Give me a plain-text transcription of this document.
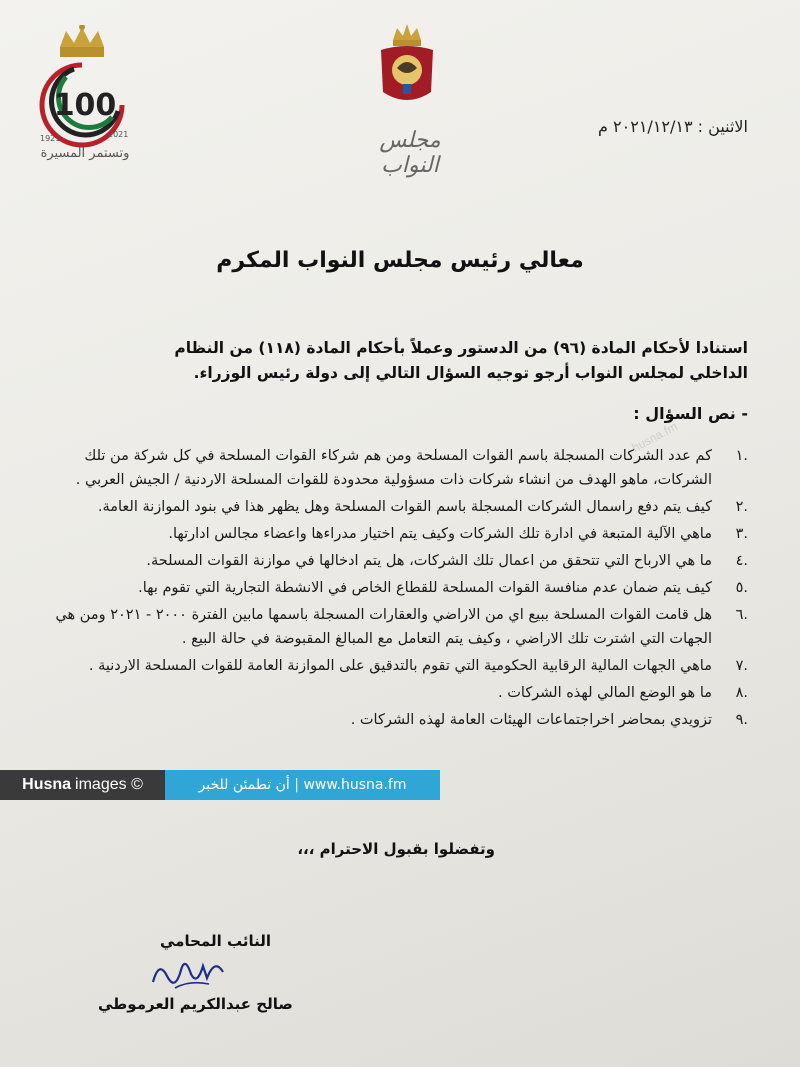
100
1921	2021
وتستمر المسيرة
مجلس النواب
الاثنين : ٢٠٢١/١٢/١٣ م
معالي رئيس مجلس النواب المكرم
استنادا لأحكام المادة (٩٦) من الدستور وعملاً بأحكام المادة (١١٨) من النظام
الداخلي لمجلس النواب أرجو توجيه السؤال التالي إلى دولة رئيس الوزراء.
- نص السؤال :
.١
كم عدد الشركات المسجلة باسم القوات المسلحة ومن هم شركاء القوات المسلحة في كل شركة من تلك الشركات، ماهو الهدف من انشاء شركات ذات مسؤولية محدودة للقوات المسلحة الاردنية / الجيش العربي .
.٢
كيف يتم دفع راسمال الشركات المسجلة باسم القوات المسلحة وهل يظهر هذا في بنود الموازنة العامة.
.٣
ماهي الآلية المتبعة في ادارة تلك الشركات وكيف يتم اختيار مدراءها واعضاء مجالس ادارتها.
.٤
ما هي الارباح التي تتحقق من اعمال تلك الشركات، هل يتم ادخالها في موازنة القوات المسلحة.
.٥
كيف يتم ضمان عدم منافسة القوات المسلحة للقطاع الخاص في الانشطة التجارية التي تقوم بها.
.٦
هل قامت القوات المسلحة ببيع اي من الاراضي والعقارات المسجلة باسمها مابين الفترة ٢٠٠٠ - ٢٠٢١ ومن هي الجهات التي اشترت تلك الاراضي ، وكيف يتم التعامل مع المبالغ المقبوضة في حالة البيع .
.٧
ماهي الجهات المالية الرقابية الحكومية التي تقوم بالتدقيق على الموازنة العامة للقوات المسلحة الاردنية .
.٨
ما هو الوضع المالي لهذه الشركات .
.٩
تزويدي بمحاضر اخراجتماعات الهيئات العامة لهذه الشركات .
وتفضلوا بقبول الاحترام ،،،
النائب المحامي
صالح عبدالكريم العرموطي
husna.fm
Husna images ©	أن تطمئن للخبر | www.husna.fm
